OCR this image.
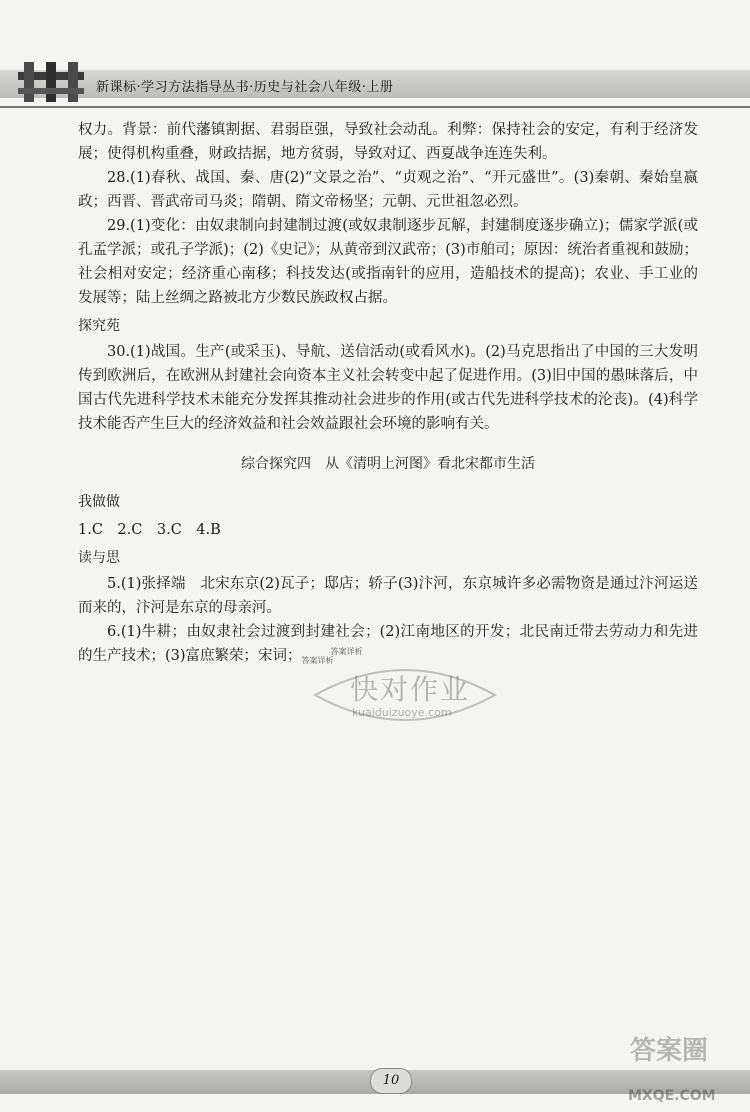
新课标·学习方法指导丛书·历史与社会八年级·上册

权力。背景：前代藩镇割据、君弱臣强，导致社会动乱。利弊：保持社会的安定，有利于经济发展；使得机构重叠，财政拮据，地方贫弱，导致对辽、西夏战争连连失利。

28.(1)春秋、战国、秦、唐(2)“文景之治”、“贞观之治”、“开元盛世”。(3)秦朝、秦始皇嬴政；西晋、晋武帝司马炎；隋朝、隋文帝杨坚；元朝、元世祖忽必烈。

29.(1)变化：由奴隶制向封建制过渡(或奴隶制逐步瓦解，封建制度逐步确立)；儒家学派(或孔孟学派；或孔子学派)；(2)《史记》；从黄帝到汉武帝；(3)市舶司；原因：统治者重视和鼓励；社会相对安定；经济重心南移；科技发达(或指南针的应用，造船技术的提高)；农业、手工业的发展等；陆上丝绸之路被北方少数民族政权占据。

探究苑

30.(1)战国。生产(或采玉)、导航、送信活动(或看风水)。(2)马克思指出了中国的三大发明传到欧洲后，在欧洲从封建社会向资本主义社会转变中起了促进作用。(3)旧中国的愚昧落后，中国古代先进科学技术未能充分发挥其推动社会进步的作用(或古代先进科学技术的沦丧)。(4)科学技术能否产生巨大的经济效益和社会效益跟社会环境的影响有关。

综合探究四　从《清明上河图》看北宋都市生活
我做做

1.C　2.C　3.C　4.B

读与思

5.(1)张择端　北宋东京(2)瓦子；邸店；轿子(3)汴河，东京城许多必需物资是通过汴河运送而来的，汴河是东京的母亲河。

6.(1)牛耕；由奴隶社会过渡到封建社会；(2)江南地区的开发；北民南迁带去劳动力和先进的生产技术；(3)富庶繁荣；宋词；	答案详析
答案详析

快对作业
kuaiduizuoye.com
10
答案圈
MXQE.COM
